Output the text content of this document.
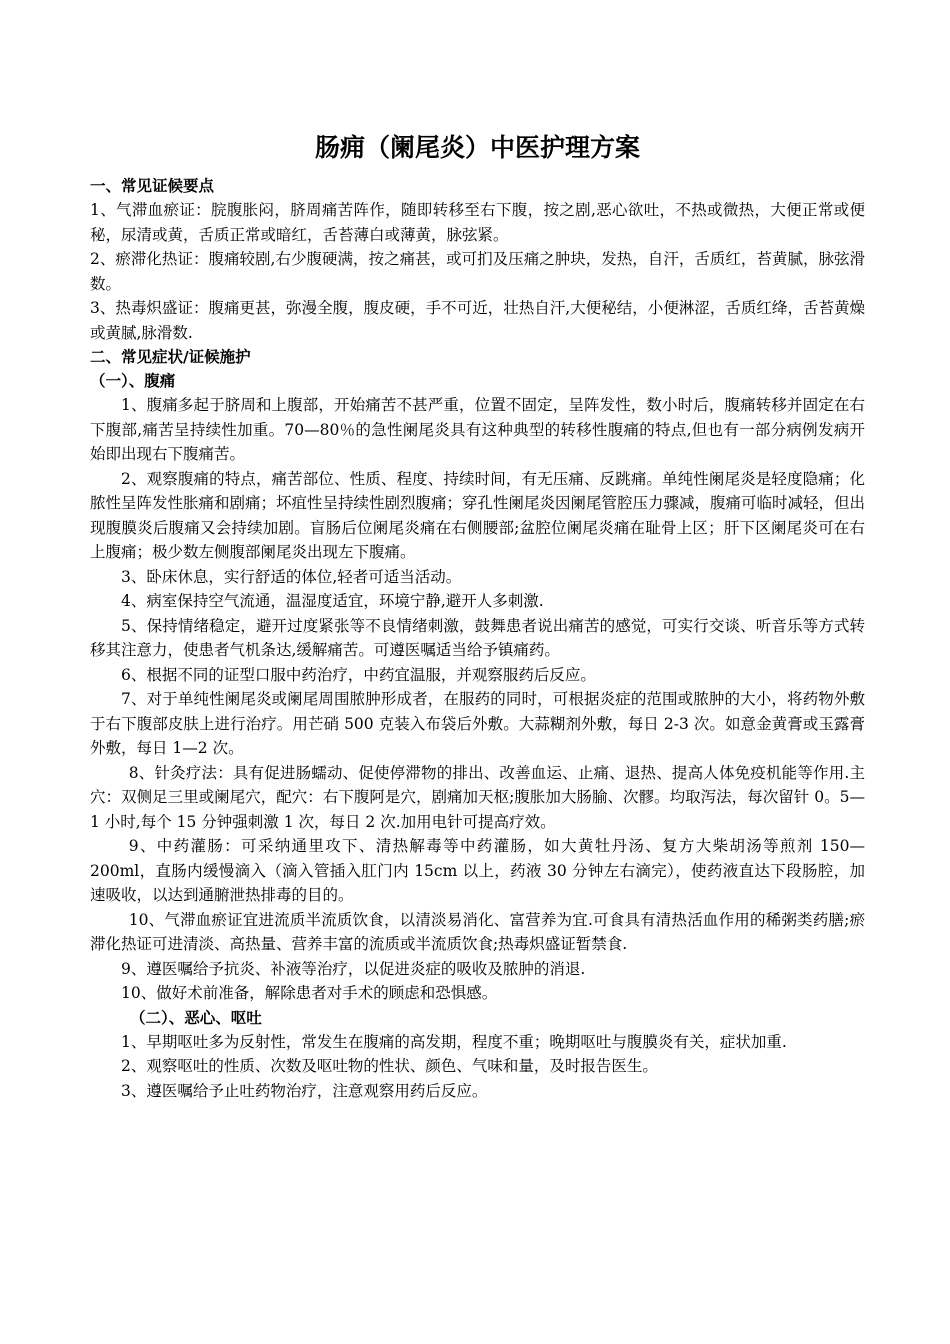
肠痈（阑尾炎）中医护理方案
一、常见证候要点

1、气滞血瘀证：脘腹胀闷，脐周痛苦阵作，随即转移至右下腹，按之剧,恶心欲吐，不热或微热，大便正常或便秘，尿清或黄，舌质正常或暗红，舌苔薄白或薄黄，脉弦紧。

2、瘀滞化热证：腹痛较剧,右少腹硬满，按之痛甚，或可扪及压痛之肿块，发热，自汗，舌质红，苔黄腻，脉弦滑数。

3、热毒炽盛证：腹痛更甚，弥漫全腹，腹皮硬，手不可近，壮热自汗,大便秘结，小便淋涩，舌质红绛，舌苔黄燥或黄腻,脉滑数.

二、常见症状/证候施护
（一）、腹痛

1、腹痛多起于脐周和上腹部，开始痛苦不甚严重，位置不固定，呈阵发性，数小时后，腹痛转移并固定在右下腹部,痛苦呈持续性加重。70—80％的急性阑尾炎具有这种典型的转移性腹痛的特点,但也有一部分病例发病开始即出现右下腹痛苦。

2、观察腹痛的特点，痛苦部位、性质、程度、持续时间，有无压痛、反跳痛。单纯性阑尾炎是轻度隐痛；化脓性呈阵发性胀痛和剧痛；坏疽性呈持续性剧烈腹痛；穿孔性阑尾炎因阑尾管腔压力骤减，腹痛可临时减轻，但出现腹膜炎后腹痛又会持续加剧。盲肠后位阑尾炎痛在右侧腰部;盆腔位阑尾炎痛在耻骨上区；肝下区阑尾炎可在右上腹痛；极少数左侧腹部阑尾炎出现左下腹痛。

3、卧床休息，实行舒适的体位,轻者可适当活动。

4、病室保持空气流通，温湿度适宜，环境宁静,避开人多刺激.

5、保持情绪稳定，避开过度紧张等不良情绪刺激，鼓舞患者说出痛苦的感觉，可实行交谈、听音乐等方式转移其注意力，使患者气机条达,缓解痛苦。可遵医嘱适当给予镇痛药。

6、根据不同的证型口服中药治疗，中药宜温服，并观察服药后反应。

7、对于单纯性阑尾炎或阑尾周围脓肿形成者，在服药的同时，可根据炎症的范围或脓肿的大小，将药物外敷于右下腹部皮肤上进行治疗。用芒硝 500 克装入布袋后外敷。大蒜糊剂外敷，每日 2-3 次。如意金黄膏或玉露膏外敷，每日 1—2 次。

8、针灸疗法：具有促进肠蠕动、促使停滞物的排出、改善血运、止痛、退热、提高人体免疫机能等作用.主穴：双侧足三里或阑尾穴，配穴：右下腹阿是穴，剧痛加天枢;腹胀加大肠腧、次髎。均取泻法，每次留针 0。5—1 小时,每个 15 分钟强刺激 1 次，每日 2 次.加用电针可提高疗效。

9、中药灌肠：可采纳通里攻下、清热解毒等中药灌肠，如大黄牡丹汤、复方大柴胡汤等煎剂 150—200ml，直肠内缓慢滴入（滴入管插入肛门内 15cm 以上，药液 30 分钟左右滴完），使药液直达下段肠腔，加速吸收，以达到通腑泄热排毒的目的。

10、气滞血瘀证宜进流质半流质饮食，以清淡易消化、富营养为宜.可食具有清热活血作用的稀粥类药膳;瘀滞化热证可进清淡、高热量、营养丰富的流质或半流质饮食;热毒炽盛证暂禁食.

9、遵医嘱给予抗炎、补液等治疗，以促进炎症的吸收及脓肿的消退.

10、做好术前准备，解除患者对手术的顾虑和恐惧感。

（二）、恶心、呕吐

1、早期呕吐多为反射性，常发生在腹痛的高发期，程度不重；晚期呕吐与腹膜炎有关，症状加重.

2、观察呕吐的性质、次数及呕吐物的性状、颜色、气味和量，及时报告医生。

3、遵医嘱给予止吐药物治疗，注意观察用药后反应。
